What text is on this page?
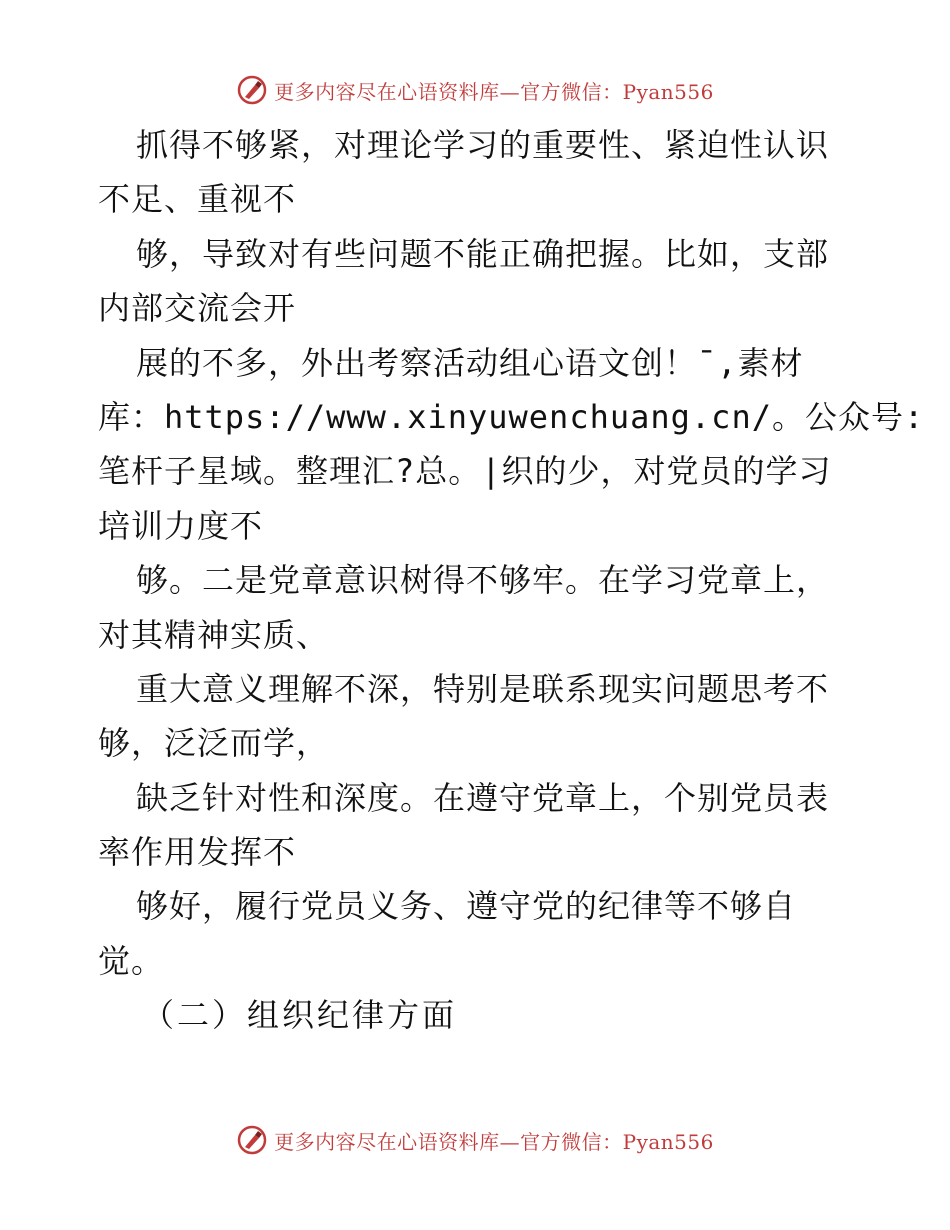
更多内容尽在心语资料库—官方微信：Pyan556
抓得不够紧，对理论学习的重要性、紧迫性认识
不足、重视不
够，导致对有些问题不能正确把握。比如，支部
内部交流会开
展的不多，外出考察活动组心语文创！¯,素材
库：https://www.xinyuwenchuang.cn/。公众号:
笔杆子星域。整理汇?总。|织的少，对党员的学习
培训力度不
够。二是党章意识树得不够牢。在学习党章上，
对其精神实质、
重大意义理解不深，特别是联系现实问题思考不
够，泛泛而学，
缺乏针对性和深度。在遵守党章上，个别党员表
率作用发挥不
够好，履行党员义务、遵守党的纪律等不够自
觉。
（二）组织纪律方面
更多内容尽在心语资料库—官方微信：Pyan556
